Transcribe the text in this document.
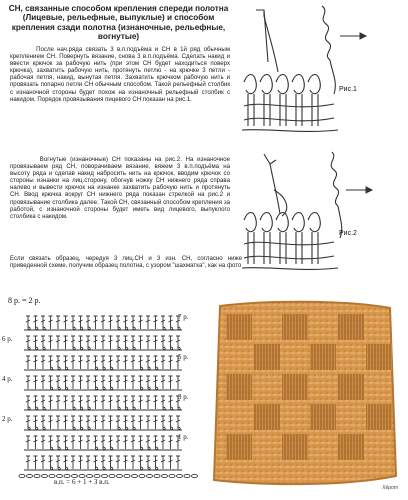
СН, связанные способом крепления спереди полотна (Лицевые, рельефные, выпуклые) и способом крепления сзади полотна (изнаночные, рельефные, вогнутые)
После нач.ряда связать 3 в.п.подъёма и СН в 1й ряд обычным креплением СН. Повернуть вязание, снова 3 в.п.подъёма. Сделать накид и ввести крючок за рабочую нить (при этом СН будет находиться поверх крючка), захватить рабочую нить, протянуть петлю - на крючке 3 петли - рабочая петля, накид, вынутая петля. Захватить крючком рабочую нить и провязать попарно петли СН обычным способом. Такой рельефный столбик с изнаночной стороны будет похож на изнаночный рельефный столбик с накидом. Порядок провязывания пицевого СН показан на рис.1.
Вогнутые (изнаночные) СН показаны на рис.2. На изнаночное провязываем ряд СН, поворачиваем вязание, вяжем 3 в.п.подъёма на высоту ряда и сделав накид набросить нить на крючок, вводим крючок со стороны изнанки на лиц.сторону, обогнув ножку СН нижнего ряда справа налево и вывести крючок на изнанке захватить рабочую нить и протянуть СН. Ввод крючка вокруг СН нижнего ряда показан стрелкой на рис.2 и провязывание столбика далее. Такой СН, связанный способом крепления за работой, с изнаночной стороны будет иметь вид лицевого, выпуклого столбика с накидом.
Если связать образец, чередуя 3 лиц.СН и 3 изн. СН, согласно ниже приведенной схеме, получим образец полотна, с узором "шахматка", как на фото
Рис.1
Рис.2
8 р. = 2 р.
7 р.
5 р.
3 р.
1 р.
6 р.
4 р.
2 р.
в.п. = 6 + 1 + 3 в.п.
Хёрот
